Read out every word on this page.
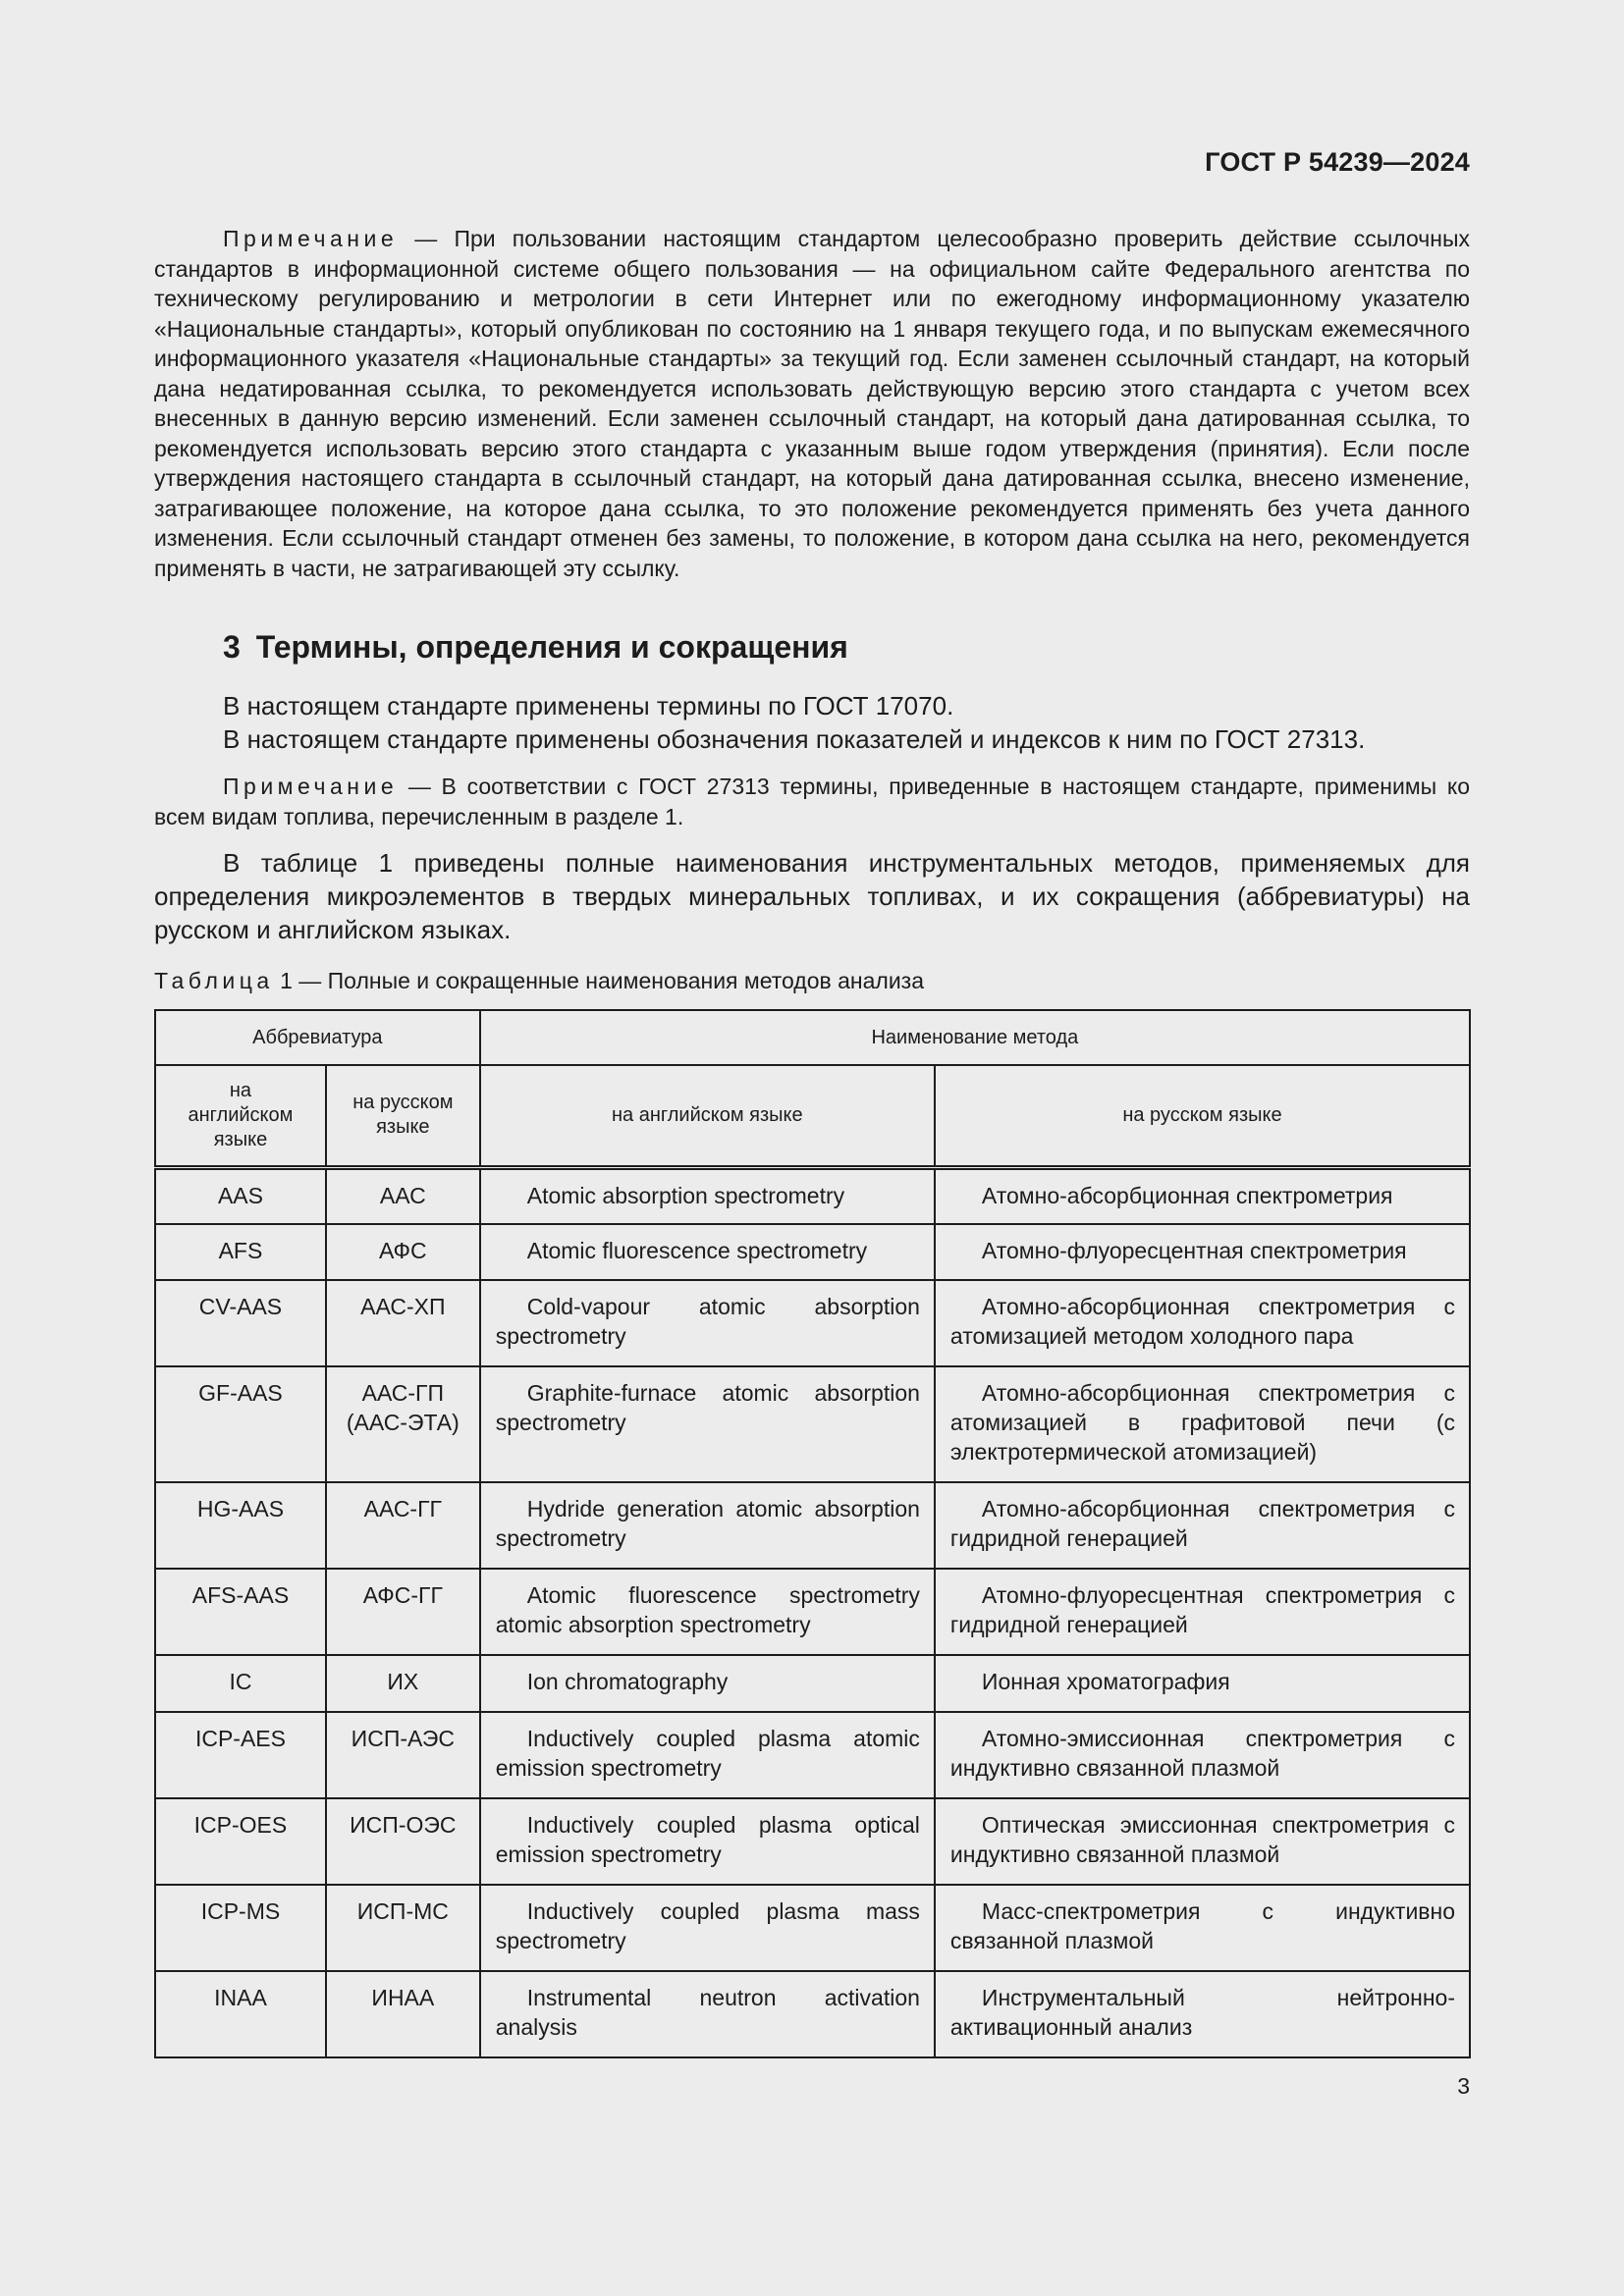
ГОСТ Р 54239—2024
Примечание — При пользовании настоящим стандартом целесообразно проверить действие ссылочных стандартов в информационной системе общего пользования — на официальном сайте Федерального агентства по техническому регулированию и метрологии в сети Интернет или по ежегодному информационному указателю «Национальные стандарты», который опубликован по состоянию на 1 января текущего года, и по выпускам ежемесячного информационного указателя «Национальные стандарты» за текущий год. Если заменен ссылочный стандарт, на который дана недатированная ссылка, то рекомендуется использовать действующую версию этого стандарта с учетом всех внесенных в данную версию изменений. Если заменен ссылочный стандарт, на который дана датированная ссылка, то рекомендуется использовать версию этого стандарта с указанным выше годом утверждения (принятия). Если после утверждения настоящего стандарта в ссылочный стандарт, на который дана датированная ссылка, внесено изменение, затрагивающее положение, на которое дана ссылка, то это положение рекомендуется применять без учета данного изменения. Если ссылочный стандарт отменен без замены, то положение, в котором дана ссылка на него, рекомендуется применять в части, не затрагивающей эту ссылку.
3 Термины, определения и сокращения
В настоящем стандарте применены термины по ГОСТ 17070.
В настоящем стандарте применены обозначения показателей и индексов к ним по ГОСТ 27313.
Примечание — В соответствии с ГОСТ 27313 термины, приведенные в настоящем стандарте, применимы ко всем видам топлива, перечисленным в разделе 1.
В таблице 1 приведены полные наименования инструментальных методов, применяемых для определения микроэлементов в твердых минеральных топливах, и их сокращения (аббревиатуры) на русском и английском языках.
Таблица 1 — Полные и сокращенные наименования методов анализа
Аббревиатура		Наименование метода	
на английском языке	на русском языке	на английском языке	на русском языке
AAS	ААС	Atomic absorption spectrometry	Атомно-абсорбционная спектрометрия
AFS	АФС	Atomic fluorescence spectrometry	Атомно-флуоресцентная спектрометрия
CV-AAS	ААС-ХП	Cold-vapour atomic absorption spectrometry	Атомно-абсорбционная спектрометрия с атомизацией методом холодного пара
GF-AAS	ААС-ГП (ААС-ЭТА)	Graphite-furnace atomic absorption spectrometry	Атомно-абсорбционная спектрометрия с атомизацией в графитовой печи (с электротермической атомизацией)
HG-AAS	ААС-ГГ	Hydride generation atomic absorption spectrometry	Атомно-абсорбционная спектрометрия с гидридной генерацией
AFS-AAS	АФС-ГГ	Atomic fluorescence spectrometry atomic absorption spectrometry	Атомно-флуоресцентная спектрометрия с гидридной генерацией
IC	ИХ	Ion chromatography	Ионная хроматография
ICP-AES	ИСП-АЭС	Inductively coupled plasma atomic emission spectrometry	Атомно-эмиссионная спектрометрия с индуктивно связанной плазмой
ICP-OES	ИСП-ОЭС	Inductively coupled plasma optical emission spectrometry	Оптическая эмиссионная спектрометрия с индуктивно связанной плазмой
ICP-MS	ИСП-МС	Inductively coupled plasma mass spectrometry	Масс-спектрометрия с индуктивно связанной плазмой
INAA	ИНАА	Instrumental neutron activation analysis	Инструментальный нейтронно-активационный анализ
3
